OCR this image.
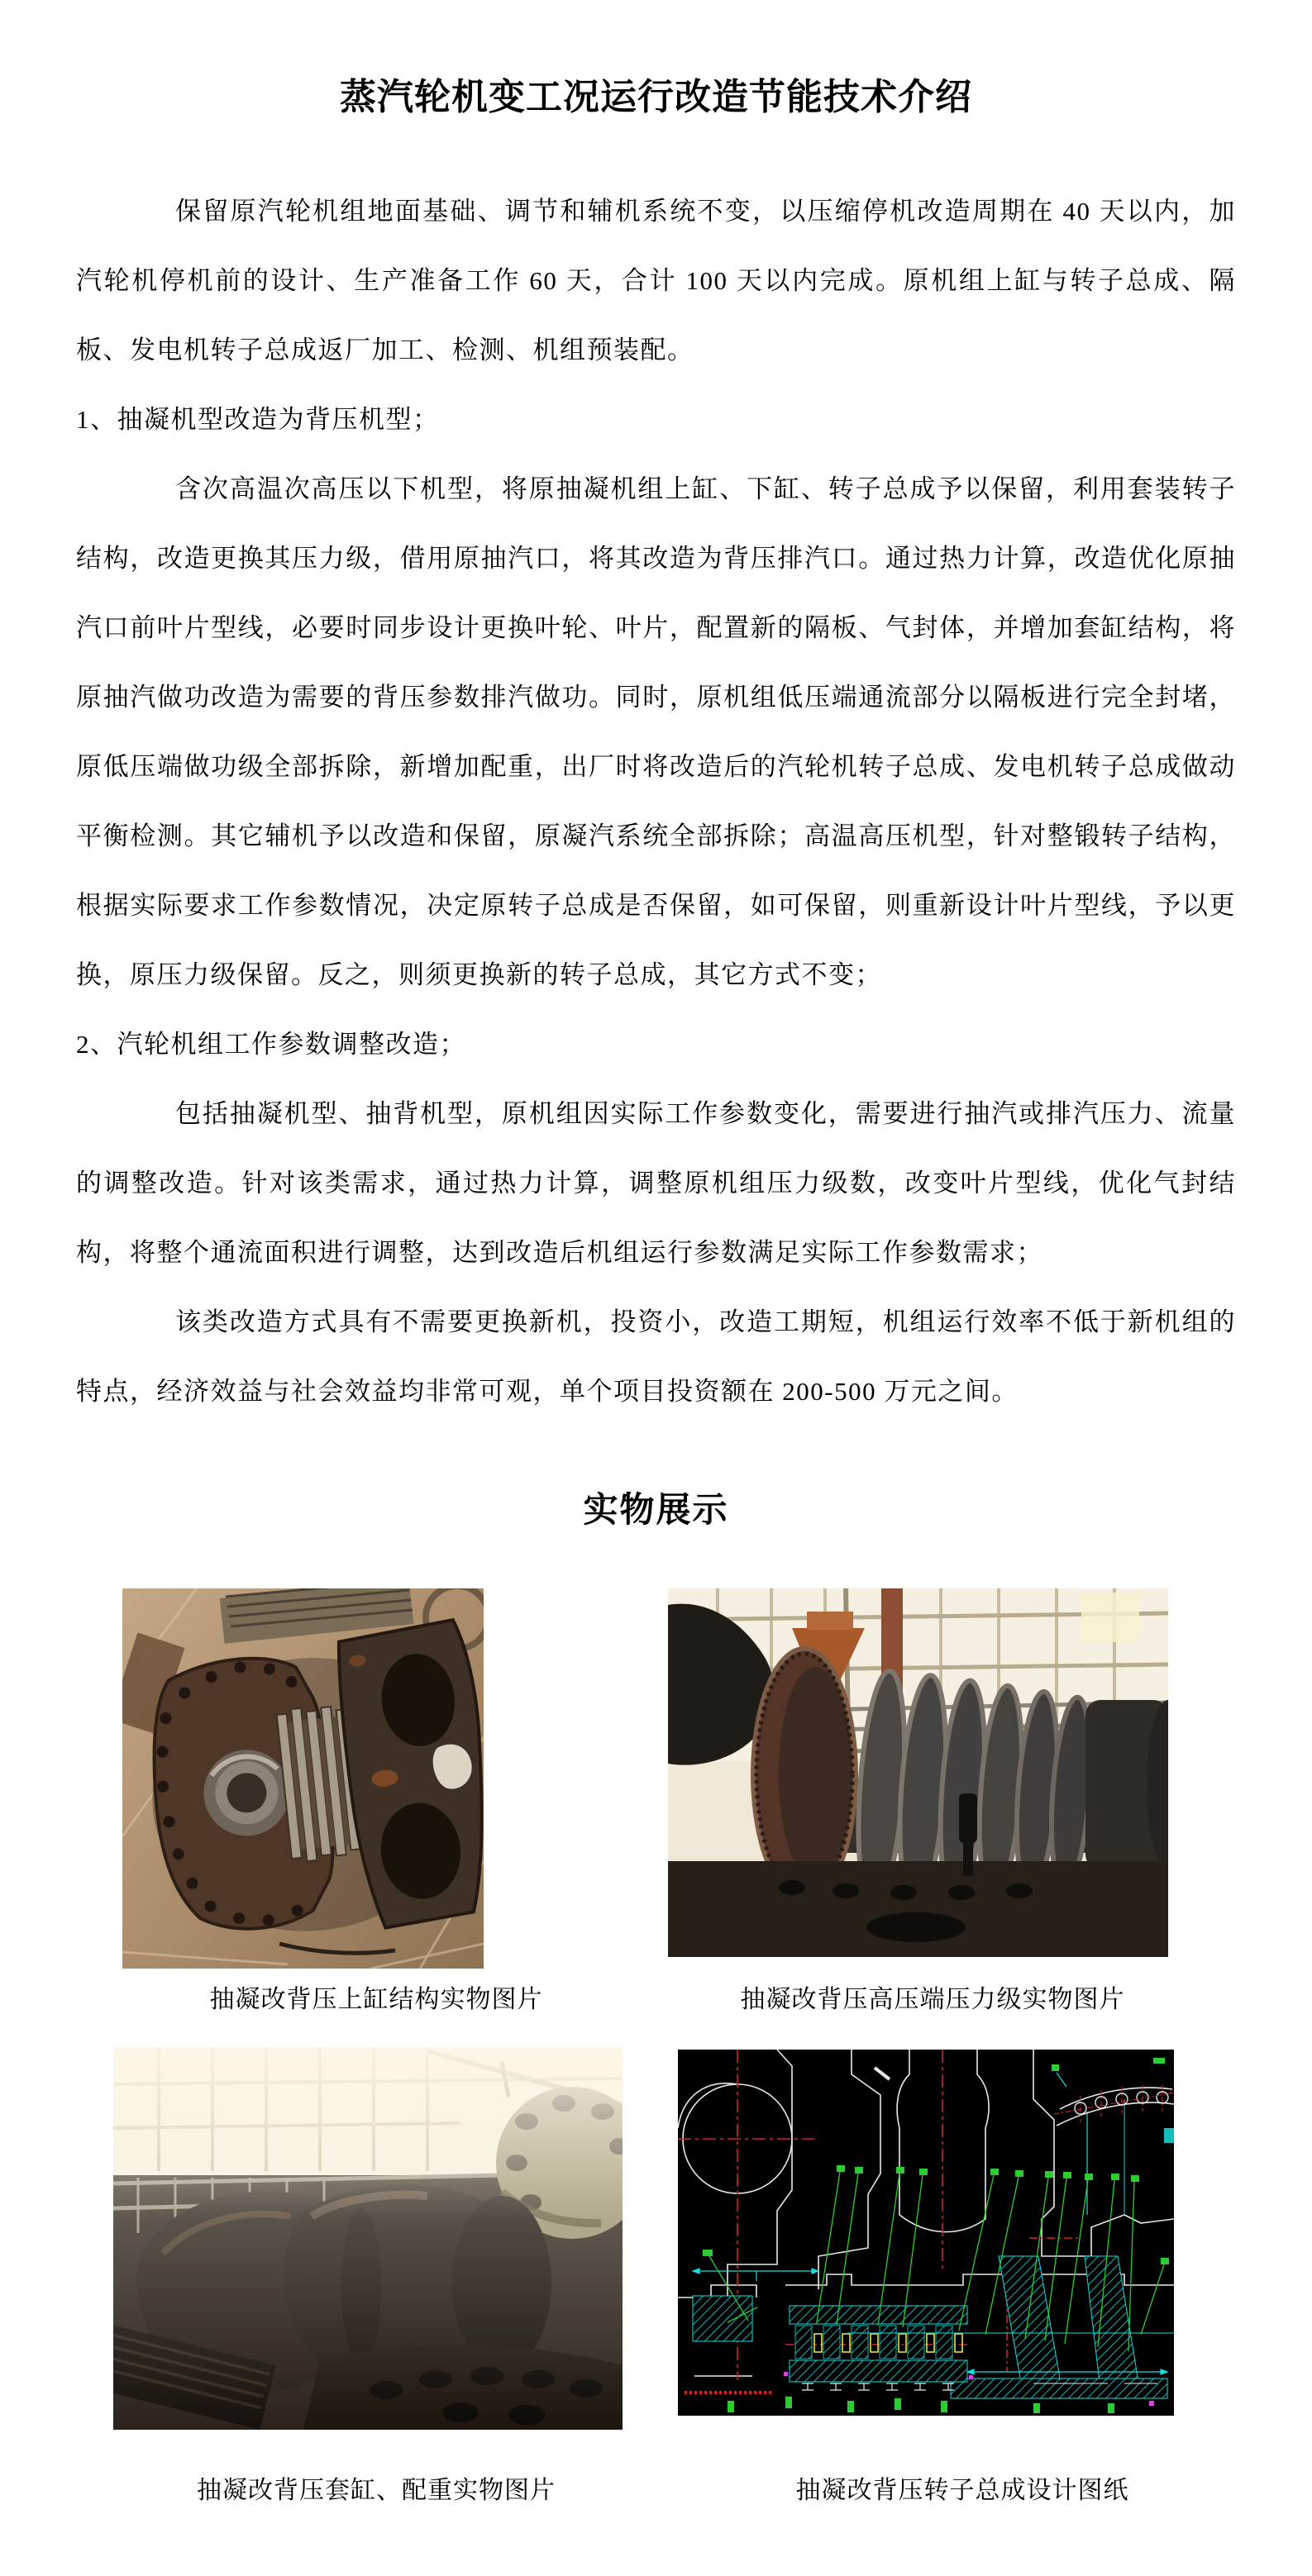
蒸汽轮机变工况运行改造节能技术介绍

保留原汽轮机组地面基础、调节和辅机系统不变，以压缩停机改造周期在 40 天以内，加汽轮机停机前的设计、生产准备工作 60 天，合计 100 天以内完成。原机组上缸与转子总成、隔板、发电机转子总成返厂加工、检测、机组预装配。

1、抽凝机型改造为背压机型；

含次高温次高压以下机型，将原抽凝机组上缸、下缸、转子总成予以保留，利用套装转子结构，改造更换其压力级，借用原抽汽口，将其改造为背压排汽口。通过热力计算，改造优化原抽汽口前叶片型线，必要时同步设计更换叶轮、叶片，配置新的隔板、气封体，并增加套缸结构，将原抽汽做功改造为需要的背压参数排汽做功。同时，原机组低压端通流部分以隔板进行完全封堵，原低压端做功级全部拆除，新增加配重，出厂时将改造后的汽轮机转子总成、发电机转子总成做动平衡检测。其它辅机予以改造和保留，原凝汽系统全部拆除；高温高压机型，针对整锻转子结构，根据实际要求工作参数情况，决定原转子总成是否保留，如可保留，则重新设计叶片型线，予以更换，原压力级保留。反之，则须更换新的转子总成，其它方式不变；

2、汽轮机组工作参数调整改造；

包括抽凝机型、抽背机型，原机组因实际工作参数变化，需要进行抽汽或排汽压力、流量的调整改造。针对该类需求，通过热力计算，调整原机组压力级数，改变叶片型线，优化气封结构，将整个通流面积进行调整，达到改造后机组运行参数满足实际工作参数需求；

该类改造方式具有不需要更换新机，投资小，改造工期短，机组运行效率不低于新机组的特点，经济效益与社会效益均非常可观，单个项目投资额在 200-500 万元之间。

实物展示

抽凝改背压上缸结构实物图片	抽凝改背压高压端压力级实物图片

抽凝改背压套缸、配重实物图片	抽凝改背压转子总成设计图纸
